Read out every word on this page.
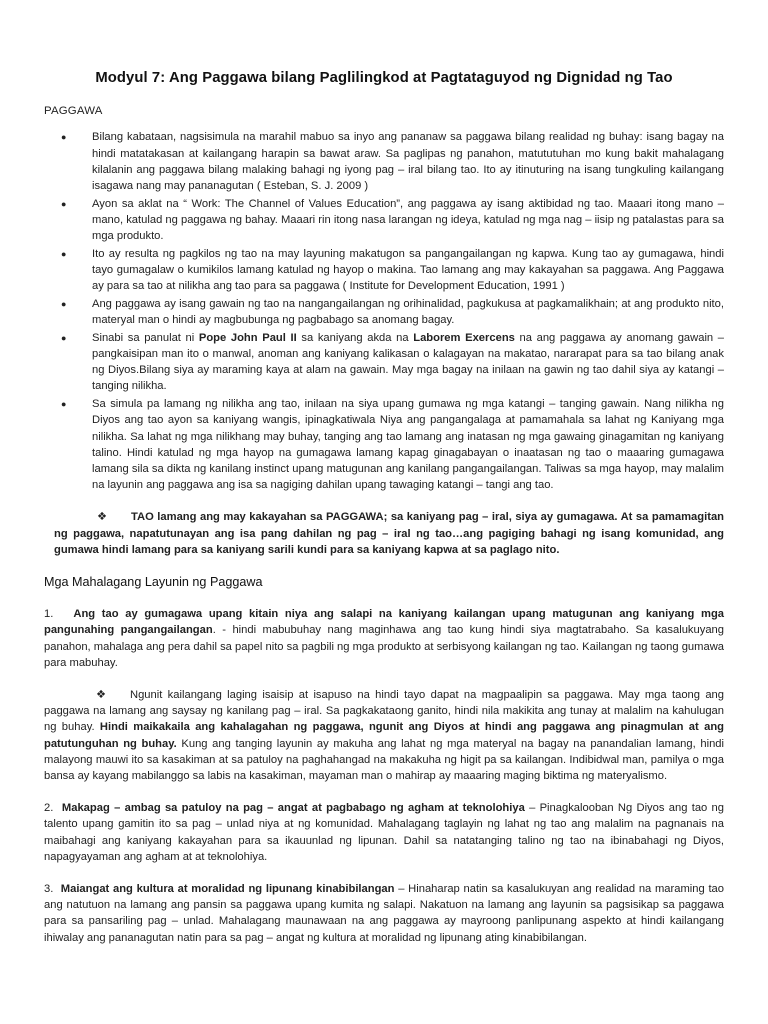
Modyul 7: Ang Paggawa bilang Paglilingkod at Pagtataguyod ng Dignidad ng Tao
PAGGAWA
● Bilang kabataan, nagsisimula na marahil mabuo sa inyo ang pananaw sa paggawa bilang realidad ng buhay: isang bagay na hindi matatakasan at kailangang harapin sa bawat araw. Sa paglipas ng panahon, matututuhan mo kung bakit mahalagang kilalanin ang paggawa bilang malaking bahagi ng iyong pag – iral bilang tao. Ito ay itinuturing na isang tungkuling kailangang isagawa nang may pananagutan ( Esteban, S. J. 2009 )
● Ayon sa aklat na “ Work: The Channel of Values Education”, ang paggawa ay isang aktibidad ng tao. Maaari itong mano – mano, katulad ng paggawa ng bahay. Maaari rin itong nasa larangan ng ideya, katulad ng mga nag – iisip ng patalastas para sa mga produkto.
● Ito ay resulta ng pagkilos ng tao na may layuning makatugon sa pangangailangan ng kapwa. Kung tao ay gumagawa, hindi tayo gumagalaw o kumikilos lamang katulad ng hayop o makina. Tao lamang ang may kakayahan sa paggawa. Ang Paggawa ay para sa tao at nilikha ang tao para sa paggawa ( Institute for Development Education, 1991 )
● Ang paggawa ay isang gawain ng tao na nangangailangan ng orihinalidad, pagkukusa at pagkamalikhain; at ang produkto nito, materyal man o hindi ay magbubunga ng pagbabago sa anomang bagay.
● Sinabi sa panulat ni Pope John Paul II sa kaniyang akda na Laborem Exercens na ang paggawa ay anomang gawain – pangkaisipan man ito o manwal, anoman ang kaniyang kalikasan o kalagayan na makatao, nararapat para sa tao bilang anak ng Diyos.Bilang siya ay maraming kaya at alam na gawain. May mga bagay na inilaan na gawin ng tao dahil siya ay katangi – tanging nilikha.
● Sa simula pa lamang ng nilikha ang tao, inilaan na siya upang gumawa ng mga katangi – tanging gawain. Nang nilikha ng Diyos ang tao ayon sa kaniyang wangis, ipinagkatiwala Niya ang pangangalaga at pamamahala sa lahat ng Kaniyang mga nilikha. Sa lahat ng mga nilikhang may buhay, tanging ang tao lamang ang inatasan ng mga gawaing ginagamitan ng kaniyang talino. Hindi katulad ng mga hayop na gumagawa lamang kapag ginagabayan o inaatasan ng tao o maaaring gumagawa lamang sila sa dikta ng kanilang instinct upang matugunan ang kanilang pangangailangan. Taliwas sa mga hayop, may malalim na layunin ang paggawa ang isa sa nagiging dahilan upang tawaging katangi – tangi ang tao.
❖ TAO lamang ang may kakayahan sa PAGGAWA; sa kaniyang pag – iral, siya ay gumagawa. At sa pamamagitan ng paggawa, napatutunayan ang isa pang dahilan ng pag – iral ng tao…ang pagiging bahagi ng isang komunidad, ang gumawa hindi lamang para sa kaniyang sarili kundi para sa kaniyang kapwa at sa paglago nito.
Mga Mahalagang Layunin ng Paggawa

1. Ang tao ay gumagawa upang kitain niya ang salapi na kaniyang kailangan upang matugunan ang kaniyang mga pangunahing pangangailangan. - hindi mabubuhay nang maginhawa ang tao kung hindi siya magtatrabaho. Sa kasalukuyang panahon, mahalaga ang pera dahil sa papel nito sa pagbili ng mga produkto at serbisyong kailangan ng tao. Kailangan ng taong gumawa para mabuhay.

❖ Ngunit kailangang laging isaisip at isapuso na hindi tayo dapat na magpaalipin sa paggawa. May mga taong ang paggawa na lamang ang saysay ng kanilang pag – iral. Sa pagkakataong ganito, hindi nila makikita ang tunay at malalim na kahulugan ng buhay. Hindi maikakaila ang kahalagahan ng paggawa, ngunit ang Diyos at hindi ang paggawa ang pinagmulan at ang patutunguhan ng buhay. Kung ang tanging layunin ay makuha ang lahat ng mga materyal na bagay na panandalian lamang, hindi malayong mauwi ito sa kasakiman at sa patuloy na paghahangad na makakuha ng higit pa sa kailangan. Indibidwal man, pamilya o mga bansa ay kayang mabilanggo sa labis na kasakiman, mayaman man o mahirap ay maaaring maging biktima ng materyalismo.

2. Makapag – ambag sa patuloy na pag – angat at pagbabago ng agham at teknolohiya – Pinagkalooban Ng Diyos ang tao ng talento upang gamitin ito sa pag – unlad niya at ng komunidad. Mahalagang taglayin ng lahat ng tao ang malalim na pagnanais na maibahagi ang kaniyang kakayahan para sa ikauunlad ng lipunan. Dahil sa natatanging talino ng tao na ibinabahagi ng Diyos, napagyayaman ang agham at at teknolohiya.

3. Maiangat ang kultura at moralidad ng lipunang kinabibilangan – Hinaharap natin sa kasalukuyan ang realidad na maraming tao ang natutuon na lamang ang pansin sa paggawa upang kumita ng salapi. Nakatuon na lamang ang layunin sa pagsisikap sa paggawa para sa pansariling pag – unlad. Mahalagang maunawaan na ang paggawa ay mayroong panlipunang aspekto at hindi kailangang ihiwalay ang pananagutan natin para sa pag – angat ng kultura at moralidad ng lipunang ating kinabibilangan.
